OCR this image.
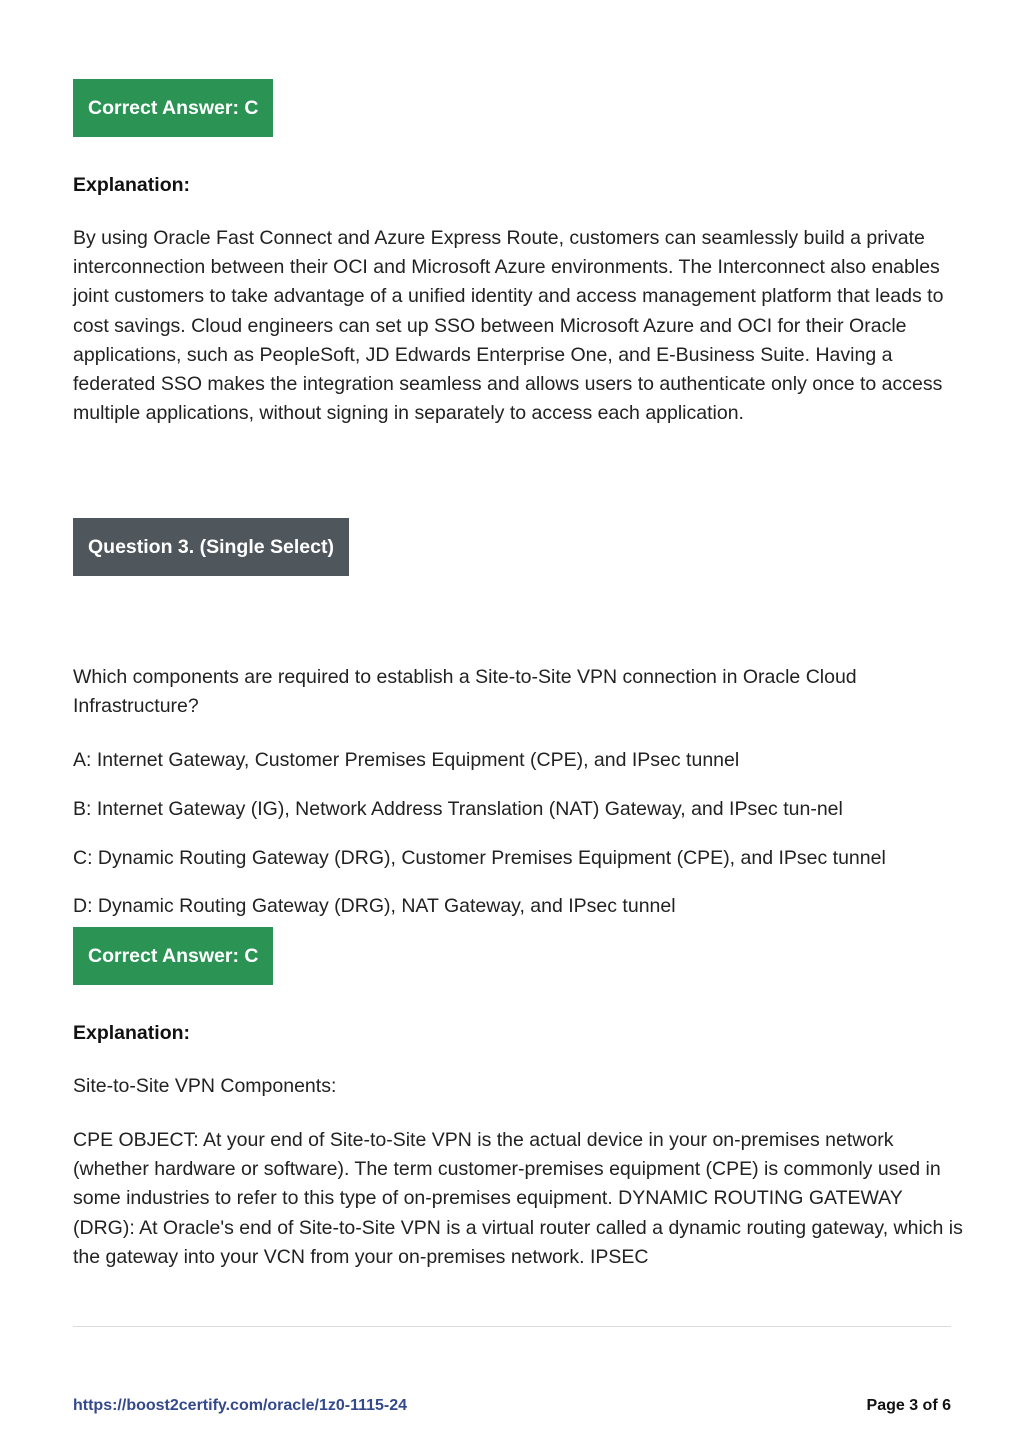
Correct Answer: C

Explanation:

By using Oracle Fast Connect and Azure Express Route, customers can seamlessly build a private interconnection between their OCI and Microsoft Azure environments. The Interconnect also enables joint customers to take advantage of a unified identity and access management platform that leads to cost savings. Cloud engineers can set up SSO between Microsoft Azure and OCI for their Oracle applications, such as PeopleSoft, JD Edwards Enterprise One, and E-Business Suite. Having a federated SSO makes the integration seamless and allows users to authenticate only once to access multiple applications, without signing in separately to access each application.

Question 3. (Single Select)

Which components are required to establish a Site-to-Site VPN connection in Oracle Cloud Infrastructure?

A: Internet Gateway, Customer Premises Equipment (CPE), and IPsec tunnel

B: Internet Gateway (IG), Network Address Translation (NAT) Gateway, and IPsec tun-nel

C: Dynamic Routing Gateway (DRG), Customer Premises Equipment (CPE), and IPsec tunnel

D: Dynamic Routing Gateway (DRG), NAT Gateway, and IPsec tunnel

Correct Answer: C

Explanation:

Site-to-Site VPN Components:

CPE OBJECT: At your end of Site-to-Site VPN is the actual device in your on-premises network (whether hardware or software). The term customer-premises equipment (CPE) is commonly used in some industries to refer to this type of on-premises equipment. DYNAMIC ROUTING GATEWAY (DRG): At Oracle's end of Site-to-Site VPN is a virtual router called a dynamic routing gateway, which is the gateway into your VCN from your on-premises network. IPSEC

https://boost2certify.com/oracle/1z0-1115-24	Page 3 of 6
